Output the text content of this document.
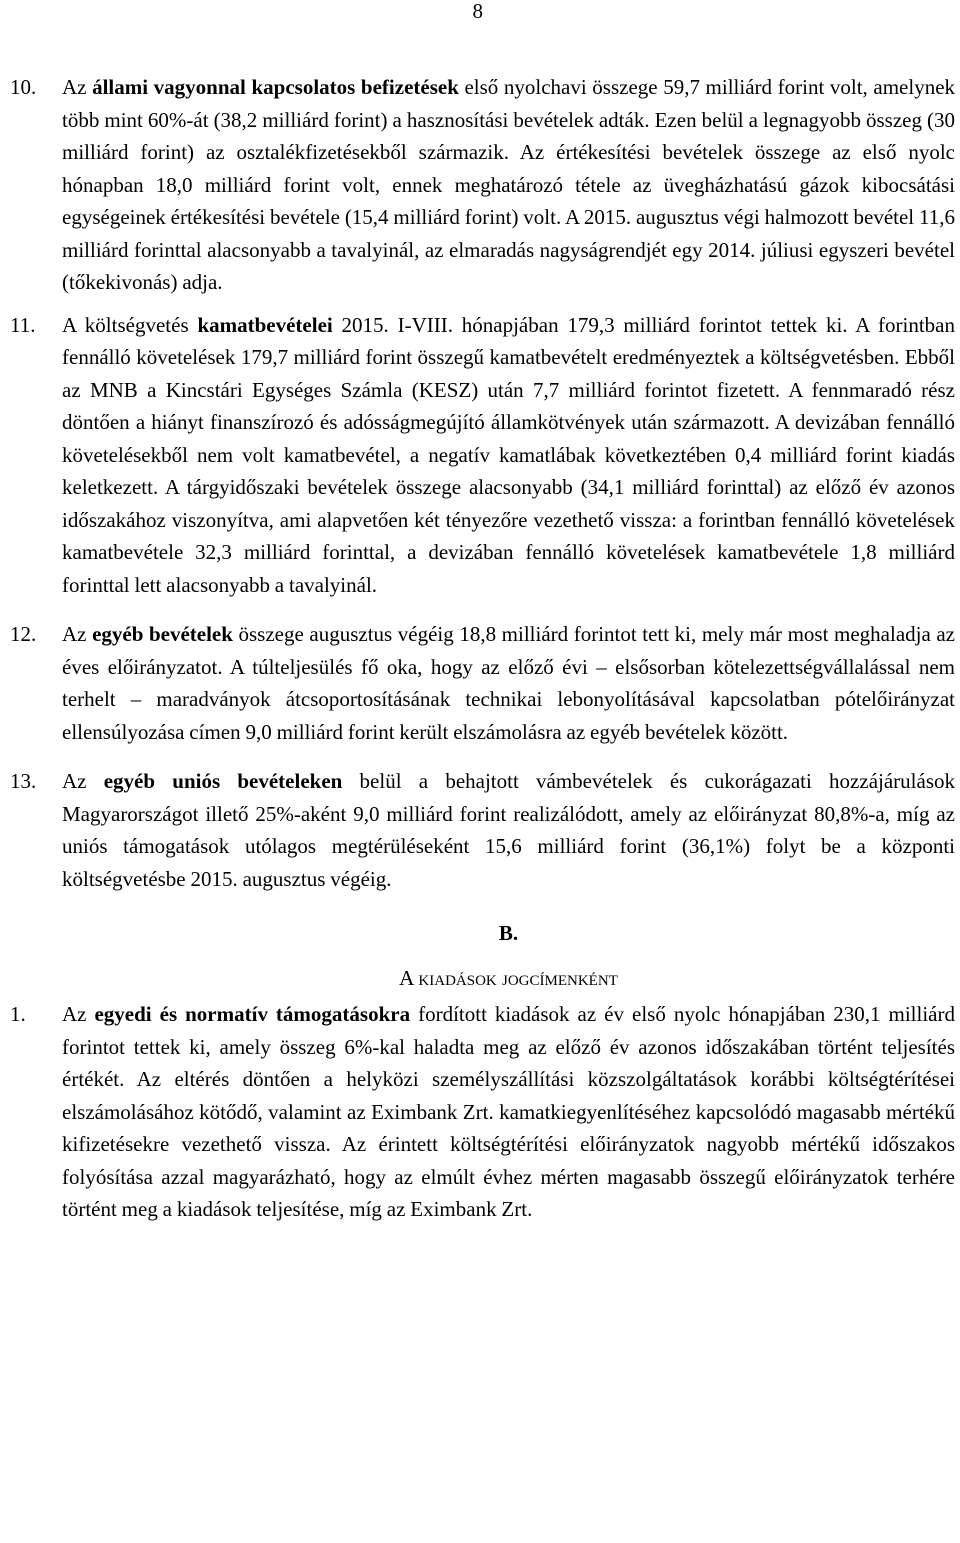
8
10.	Az állami vagyonnal kapcsolatos befizetések első nyolchavi összege 59,7 milliárd forint volt, amelynek több mint 60%-át (38,2 milliárd forint) a hasznosítási bevételek adták. Ezen belül a legnagyobb összeg (30 milliárd forint) az osztalékfizetésekből származik. Az értékesítési bevételek összege az első nyolc hónapban 18,0 milliárd forint volt, ennek meghatározó tétele az üvegházhatású gázok kibocsátási egységeinek értékesítési bevétele (15,4 milliárd forint) volt. A 2015. augusztus végi halmozott bevétel 11,6 milliárd forinttal alacsonyabb a tavalyinál, az elmaradás nagyságrendjét egy 2014. júliusi egyszeri bevétel (tőkekivonás) adja.

11.	A költségvetés kamatbevételei 2015. I-VIII. hónapjában 179,3 milliárd forintot tettek ki. A forintban fennálló követelések 179,7 milliárd forint összegű kamatbevételt eredményeztek a költségvetésben. Ebből az MNB a Kincstári Egységes Számla (KESZ) után 7,7 milliárd forintot fizetett. A fennmaradó rész döntően a hiányt finanszírozó és adósságmegújító államkötvények után származott. A devizában fennálló követelésekből nem volt kamatbevétel, a negatív kamatlábak következtében 0,4 milliárd forint kiadás keletkezett. A tárgyidőszaki bevételek összege alacsonyabb (34,1 milliárd forinttal) az előző év azonos időszakához viszonyítva, ami alapvetően két tényezőre vezethető vissza: a forintban fennálló követelések kamatbevétele 32,3 milliárd forinttal, a devizában fennálló követelések kamatbevétele 1,8 milliárd forinttal lett alacsonyabb a tavalyinál.

12.	Az egyéb bevételek összege augusztus végéig 18,8 milliárd forintot tett ki, mely már most meghaladja az éves előirányzatot. A túlteljesülés fő oka, hogy az előző évi – elsősorban kötelezettségvállalással nem terhelt – maradványok átcsoportosításának technikai lebonyolításával kapcsolatban pótelőirányzat ellensúlyozása címen 9,0 milliárd forint került elszámolásra az egyéb bevételek között.

13.	Az egyéb uniós bevételeken belül a behajtott vámbevételek és cukorágazati hozzájárulások Magyarországot illető 25%-aként 9,0 milliárd forint realizálódott, amely az előirányzat 80,8%-a, míg az uniós támogatások utólagos megtérüléseként 15,6 milliárd forint (36,1%) folyt be a központi költségvetésbe 2015. augusztus végéig.

B.
A kiadások jogcímenként
1.	Az egyedi és normatív támogatásokra fordított kiadások az év első nyolc hónapjában 230,1 milliárd forintot tettek ki, amely összeg 6%-kal haladta meg az előző év azonos időszakában történt teljesítés értékét. Az eltérés döntően a helyközi személyszállítási közszolgáltatások korábbi költségtérítései elszámolásához kötődő, valamint az Eximbank Zrt. kamatkiegyenlítéséhez kapcsolódó magasabb mértékű kifizetésekre vezethető vissza. Az érintett költségtérítési előirányzatok nagyobb mértékű időszakos folyósítása azzal magyarázható, hogy az elmúlt évhez mérten magasabb összegű előirányzatok terhére történt meg a kiadások teljesítése, míg az Eximbank Zrt.
